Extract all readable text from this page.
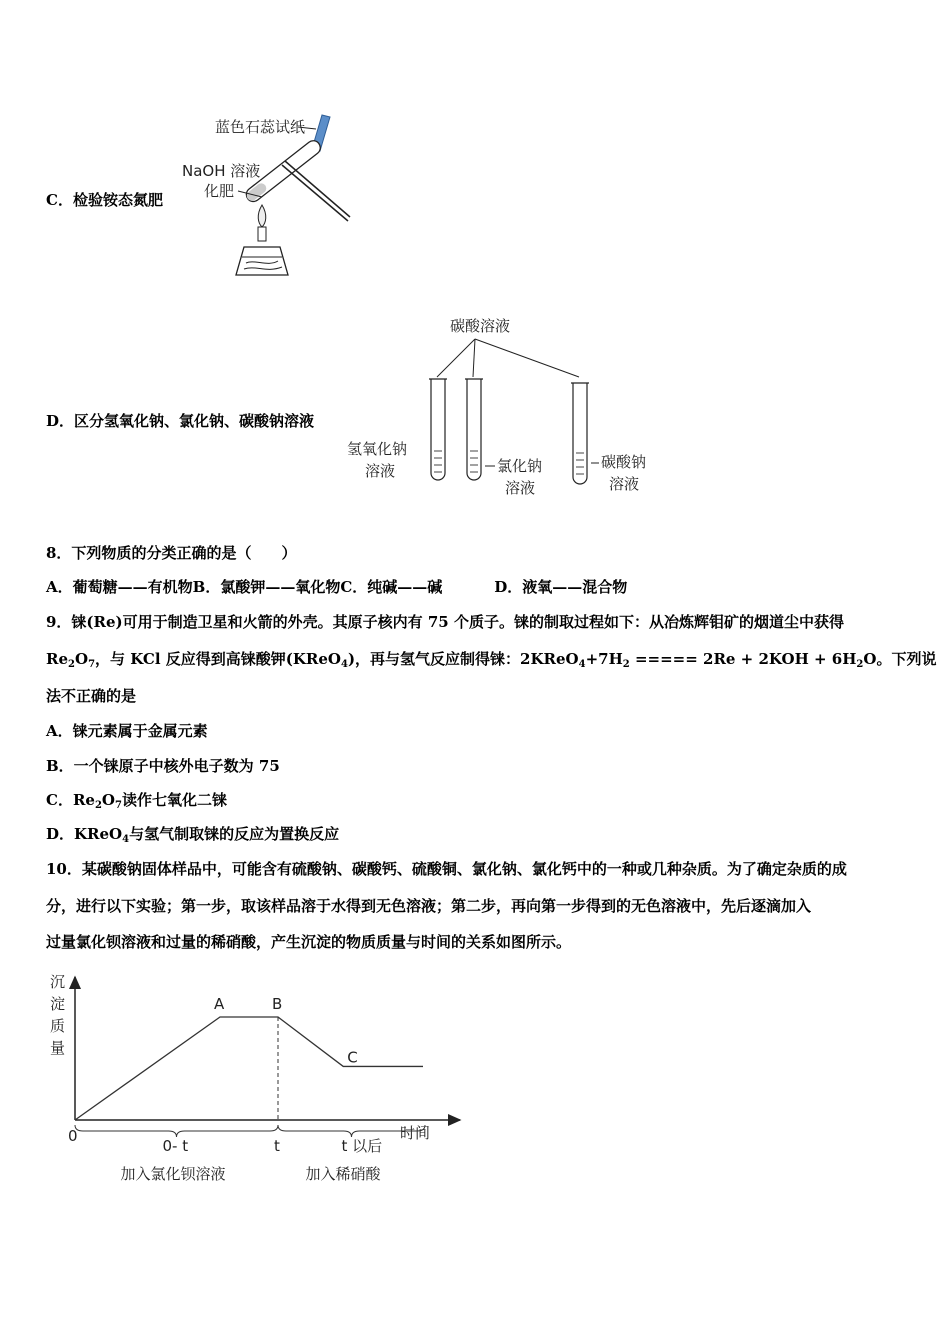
C．检验铵态氮肥
蓝色石蕊试纸
NaOH 溶液
化肥
D．区分氢氧化钠、氯化钠、碳酸钠溶液
碳酸溶液
氢氧化钠
溶液	氯化钠
溶液
碳酸钠
溶液
8．下列物质的分类正确的是（　　）
A．葡萄糖——有机物B．氯酸钾——氧化物C．纯碱——碱	D．液氧——混合物
9．铼(Re)可用于制造卫星和火箭的外壳。其原子核内有 75 个质子。铼的制取过程如下：从冶炼辉钼矿的烟道尘中获得
$Re_2O_7$，与 KCl 反应得到高铼酸钾(KReO$_4$)，再与氢气反应制得铼：$2KReO_4+7H_2$ ===== $2Re + 2KOH + 6H_2O$。下列说
法不正确的是
A．铼元素属于金属元素
B．一个铼原子中核外电子数为 75
C．$Re_2O_7$读作七氧化二铼
D．KReO$_4$与氢气制取铼的反应为置换反应
10．某碳酸钠固体样品中，可能含有硫酸钠、碳酸钙、硫酸铜、氯化钠、氯化钙中的一种或几种杂质。为了确定杂质的成
分，进行以下实验；第一步，取该样品溶于水得到无色溶液；第二步，再向第一步得到的无色溶液中，先后逐滴加入
过量氯化钡溶液和过量的稀硝酸，产生沉淀的物质质量与时间的关系如图所示。
沉
淀
质
量
时间
0
A	B
C
0- t	t	t 以后
加入氯化钡溶液	加入稀硝酸
